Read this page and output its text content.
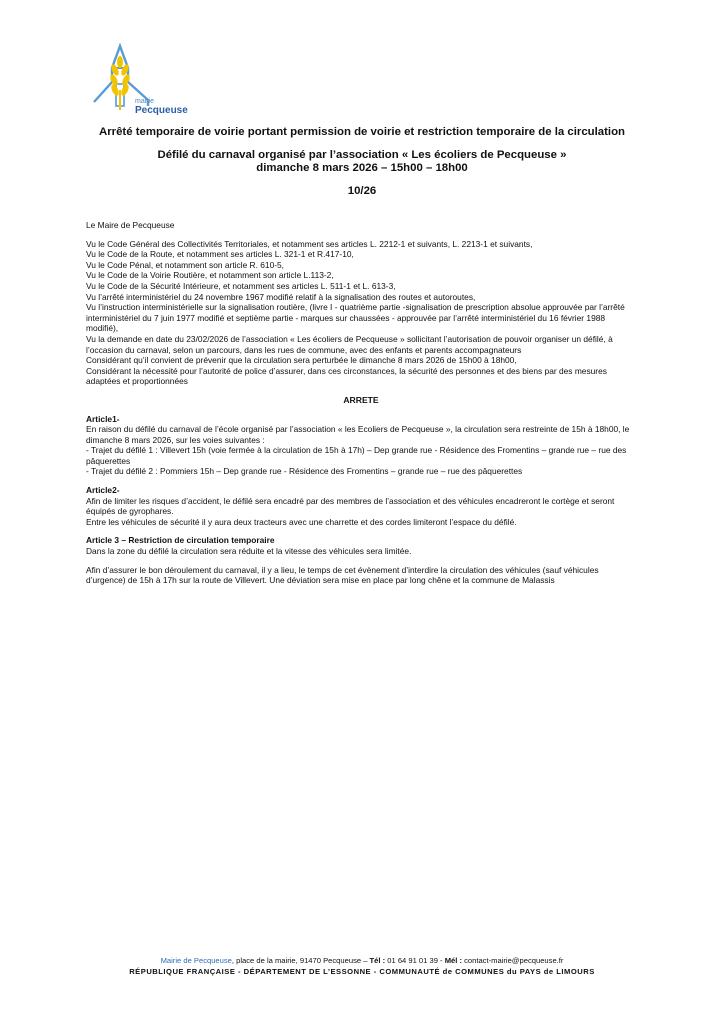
mairie
Pecqueuse
Arrêté temporaire de voirie portant permission de voirie et restriction temporaire de la circulation
Défilé du carnaval organisé par l’association « Les écoliers de Pecqueuse »
dimanche 8 mars 2026 – 15h00 – 18h00
10/26

Le Maire de Pecqueuse

Vu le Code Général des Collectivités Territoriales, et notamment ses articles L. 2212-1 et suivants, L. 2213-1 et suivants,

Vu le Code de la Route, et notamment ses articles L. 321-1 et R.417-10,

Vu le Code Pénal, et notamment son article R. 610-5,

Vu le Code de la Voirie Routière, et notamment son article L.113-2,

Vu le Code de la Sécurité Intérieure, et notamment ses articles L. 511-1 et L. 613-3,

Vu l’arrêté interministériel du 24 novembre 1967 modifié relatif à la signalisation des routes et autoroutes,

Vu l’instruction interministérielle sur la signalisation routière, (livre I - quatrième partie -signalisation de prescription absolue approuvée par l’arrêté interministériel du 7 juin 1977 modifié et septième partie - marques sur chaussées - approuvée par l’arrêté interministériel du 16 février 1988 modifié),

Vu la demande en date du 23/02/2026 de l’association « Les écoliers de Pecqueuse » sollicitant l’autorisation de pouvoir organiser un défilé, à l’occasion du carnaval, selon un parcours, dans les rues de commune, avec des enfants et parents accompagnateurs

Considérant qu’il convient de prévenir que la circulation sera perturbée le dimanche 8 mars 2026 de 15h00 à 18h00,

Considérant la nécessité pour l’autorité de police d’assurer, dans ces circonstances, la sécurité des personnes et des biens par des mesures adaptées et proportionnées

ARRETE

Article1-

En raison du défilé du carnaval de l’école organisé par l’association « les Ecoliers de Pecqueuse », la circulation sera restreinte de 15h à 18h00, le dimanche 8 mars 2026, sur les voies suivantes :

- Trajet du défilé 1 : Villevert 15h (voie fermée à la circulation de 15h à 17h) – Dep grande rue - Résidence des Fromentins – grande rue – rue des pâquerettes

- Trajet du défilé 2 : Pommiers 15h – Dep grande rue - Résidence des Fromentins – grande rue – rue des pâquerettes

Article2-

Afin de limiter les risques d’accident, le défilé sera encadré par des membres de l’association et des véhicules encadreront le cortège et seront équipés de gyrophares.

Entre les véhicules de sécurité il y aura deux tracteurs avec une charrette et des cordes limiteront l’espace du défilé.

Article 3 – Restriction de circulation temporaire

Dans la zone du défilé la circulation sera réduite et la vitesse des véhicules sera limitée.

Afin d’assurer le bon déroulement du carnaval, il y a lieu, le temps de cet évènement d’interdire la circulation des véhicules (sauf véhicules d’urgence) de 15h à 17h sur la route de Villevert. Une déviation sera mise en place par long chêne et la commune de Malassis

Mairie de Pecqueuse, place de la mairie, 91470 Pecqueuse – Tél : 01 64 91 01 39 - Mél : contact-mairie@pecqueuse.fr
RÉPUBLIQUE FRANÇAISE - DÉPARTEMENT DE L’ESSONNE - COMMUNAUTÉ de COMMUNES du PAYS de LIMOURS
